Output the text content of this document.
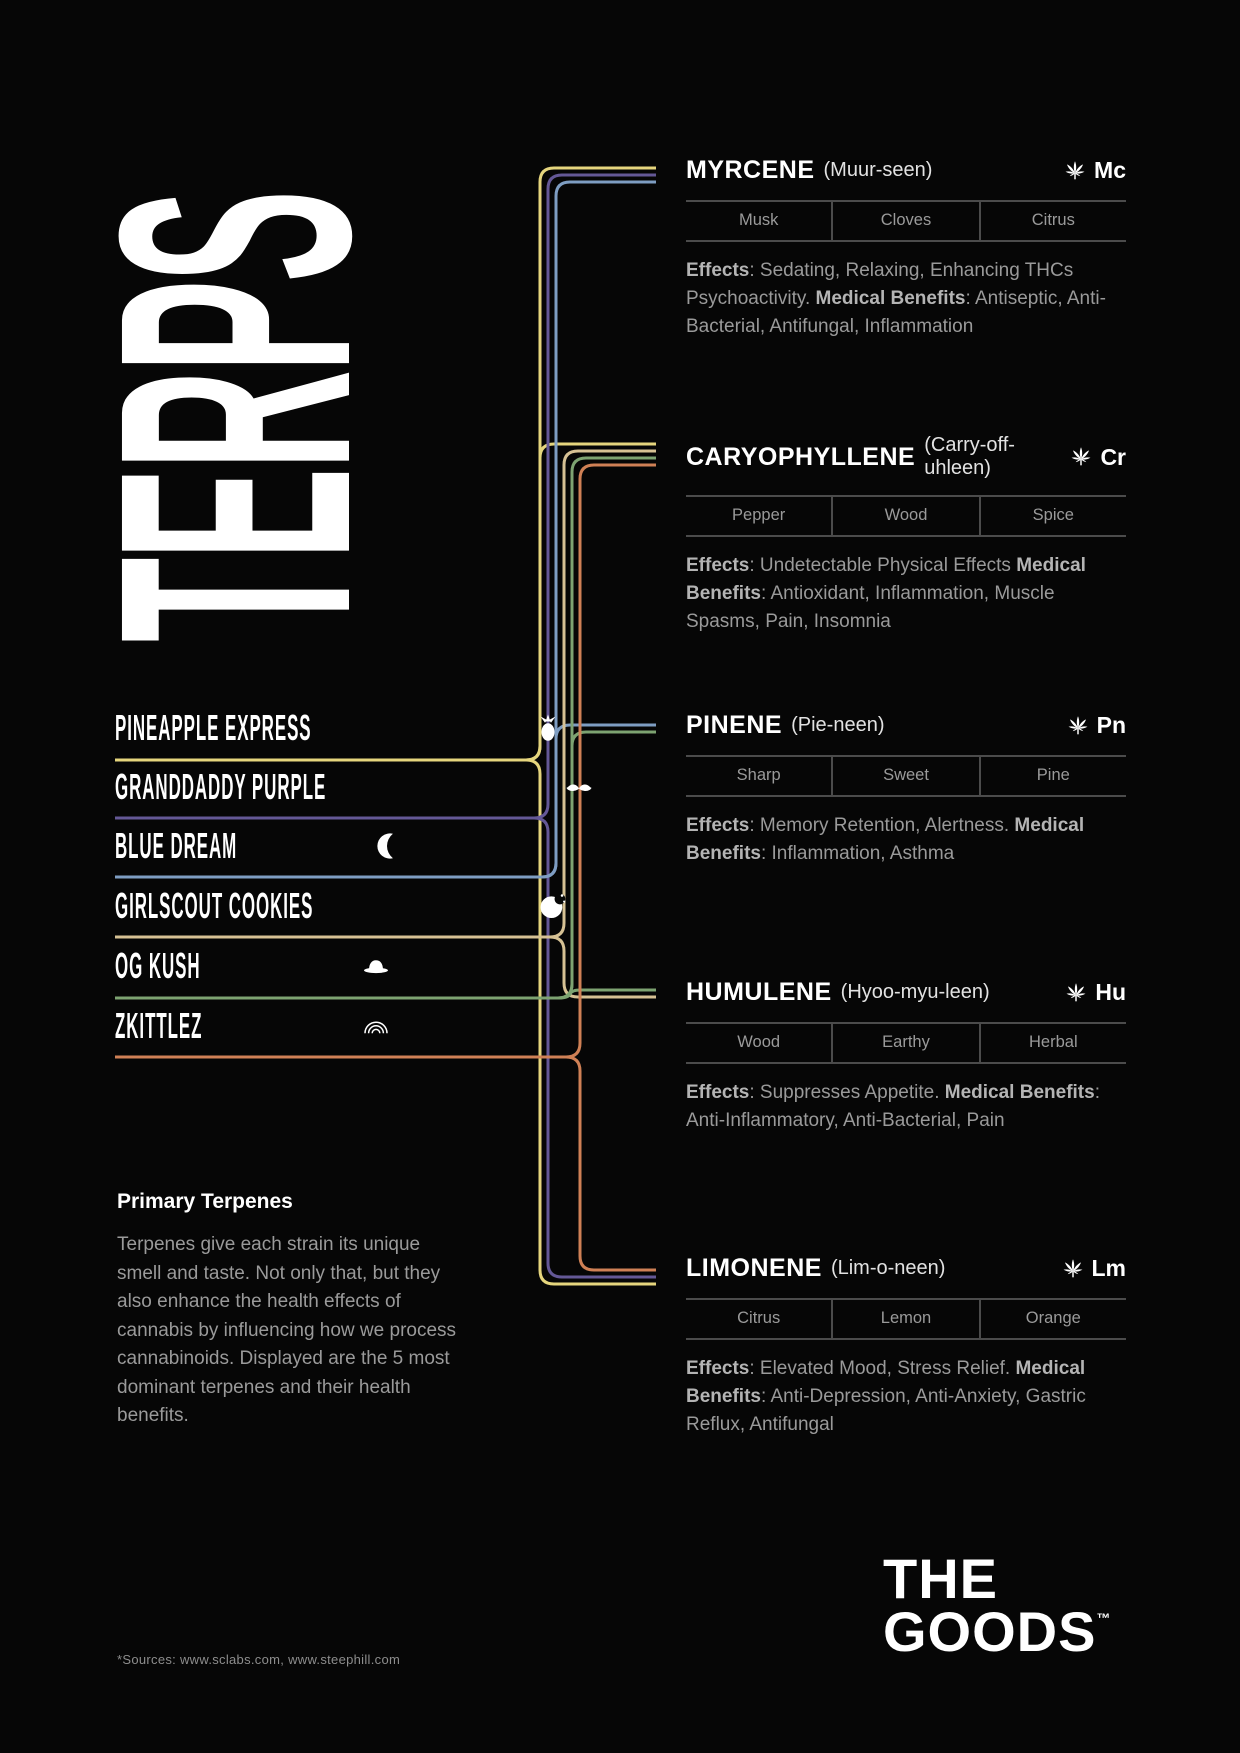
TERPS
PINEAPPLE EXPRESS
GRANDDADDY PURPLE
BLUE DREAM
GIRLSCOUT COOKIES
OG KUSH
ZKITTLEZ
MYRCENE (Muur-seen)	Mc
Musk	Cloves	Citrus

Effects: Sedating, Relaxing, Enhancing THCs Psychoactivity. Medical Benefits: Antiseptic, Anti-Bacterial, Antifungal, Inflammation

CARYOPHYLLENE (Carry-off-uhleen)	Cr
Pepper	Wood	Spice

Effects: Undetectable Physical Effects Medical Benefits: Antioxidant, Inflammation, Muscle Spasms, Pain, Insomnia

PINENE (Pie-neen)	Pn
Sharp	Sweet	Pine

Effects: Memory Retention, Alertness. Medical Benefits: Inflammation, Asthma

HUMULENE (Hyoo-myu-leen)	Hu
Wood	Earthy	Herbal

Effects: Suppresses Appetite. Medical Benefits: Anti-Inflammatory, Anti-Bacterial, Pain

LIMONENE (Lim-o-neen)	Lm
Citrus	Lemon	Orange

Effects: Elevated Mood, Stress Relief. Medical Benefits: Anti-Depression, Anti-Anxiety, Gastric Reflux, Antifungal

Primary Terpenes

Terpenes give each strain its unique smell and taste. Not only that, but they also enhance the health effects of cannabis by influencing how we process cannabinoids. Displayed are the 5 most dominant terpenes and their health benefits.

*Sources: www.sclabs.com, www.steephill.com
THE
GOODS™
